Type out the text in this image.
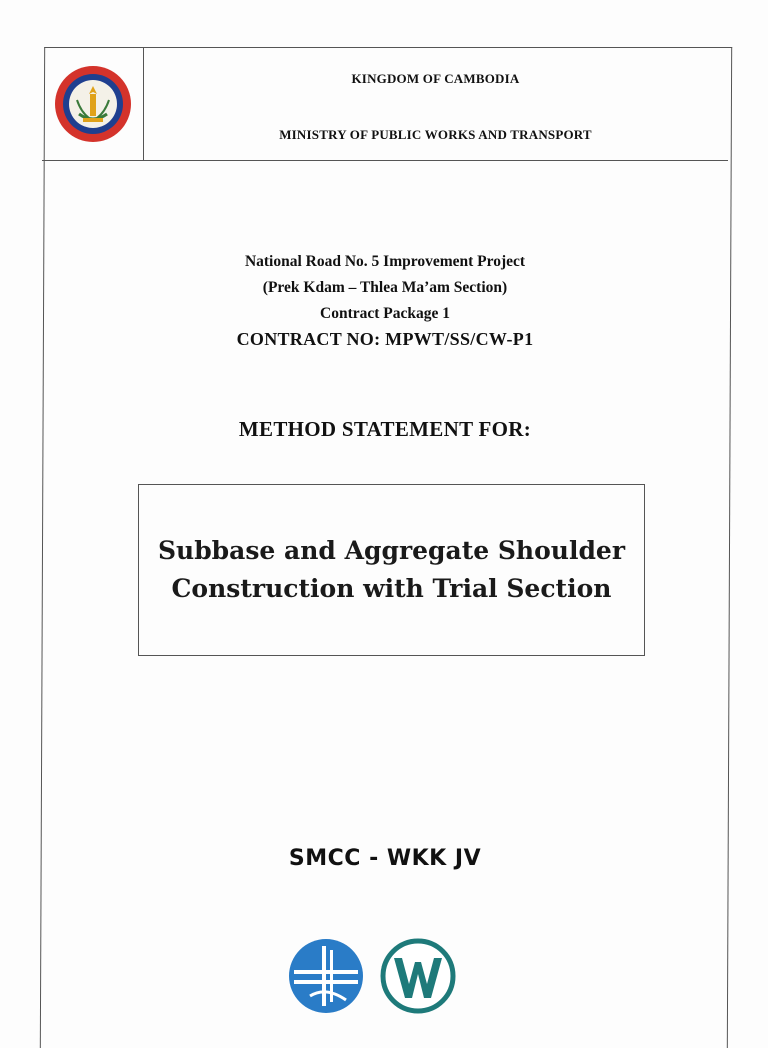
KINGDOM OF CAMBODIA
MINISTRY OF PUBLIC WORKS AND TRANSPORT
National Road No. 5 Improvement Project
(Prek Kdam – Thlea Ma’am Section)
Contract Package 1
CONTRACT NO: MPWT/SS/CW-P1
METHOD STATEMENT FOR:
Subbase and Aggregate Shoulder
Construction with Trial Section
SMCC - WKK JV
